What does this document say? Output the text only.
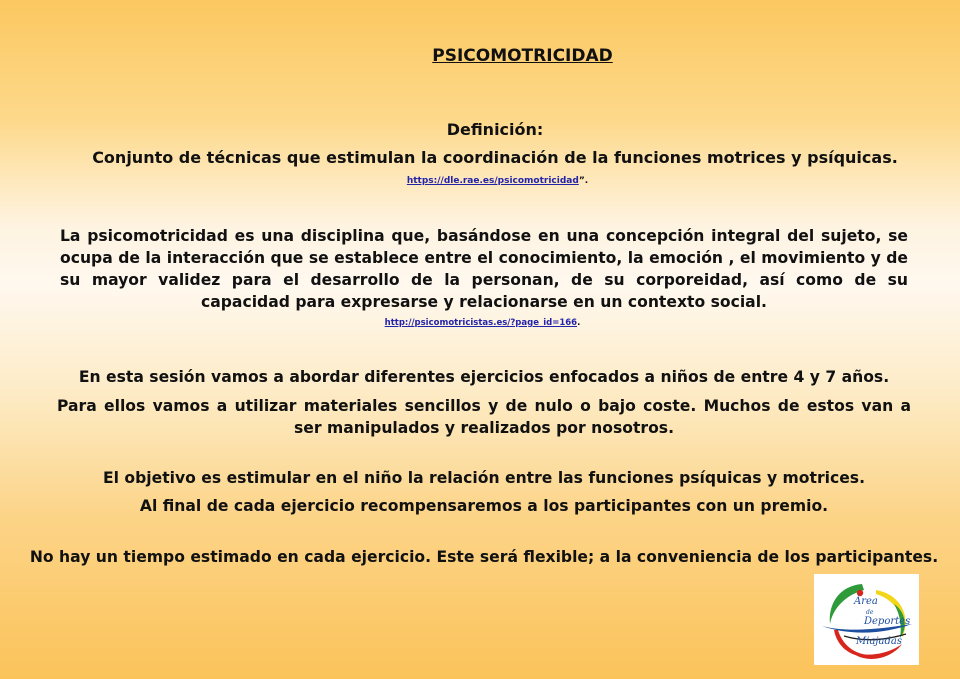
PSICOMOTRICIDAD
Definición:
Conjunto de técnicas que estimulan la coordinación de la funciones motrices y psíquicas.
https://dle.rae.es/psicomotricidad”.
La psicomotricidad es una disciplina que, basándose en una concepción integral del sujeto, se ocupa de la interacción que se establece entre el conocimiento, la emoción , el movimiento y de su mayor validez para el desarrollo de la personan, de su corporeidad, así como de su capacidad para expresarse y relacionarse en un contexto social.
http://psicomotricistas.es/?page_id=166.
En esta sesión vamos a abordar diferentes ejercicios enfocados a niños de entre 4 y 7 años.
Para ellos vamos a utilizar materiales sencillos y de nulo o bajo coste. Muchos de estos van a ser manipulados y realizados por nosotros.
El objetivo es estimular en el niño la relación entre las funciones psíquicas y motrices.
Al final de cada ejercicio recompensaremos a los participantes con un premio.
No hay un tiempo estimado en cada ejercicio. Este será flexible; a la conveniencia de los participantes.
Área
de
Deportes
Miajadas
